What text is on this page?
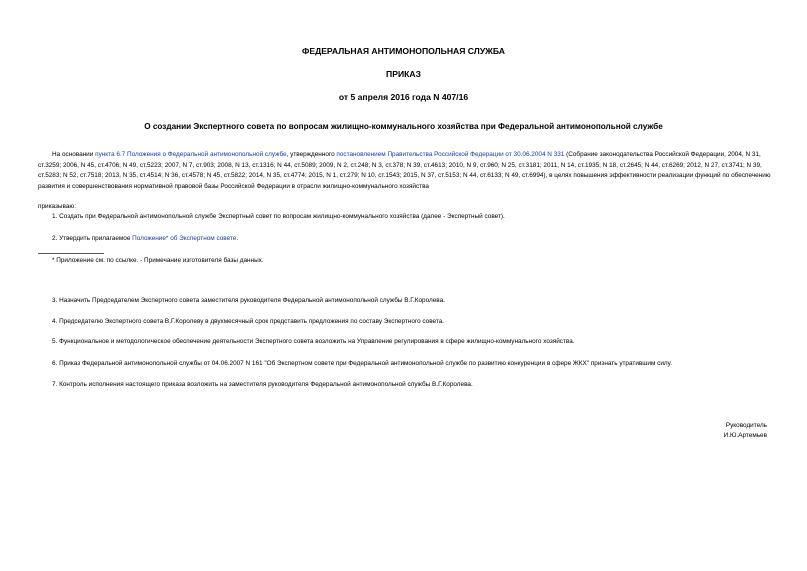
ФЕДЕРАЛЬНАЯ АНТИМОНОПОЛЬНАЯ СЛУЖБА
ПРИКАЗ
от 5 апреля 2016 года N 407/16
О создании Экспертного совета по вопросам жилищно-коммунального хозяйства при Федеральной антимонопольной службе
На основании пункта 6.7 Положения о Федеральной антимонопольной службе, утвержденного постановлением Правительства Российской Федерации от 30.06.2004 N 331 (Собрание законодательства Российской Федерации, 2004, N 31, ст.3259; 2006, N 45, ст.4706; N 49, ст.5223; 2007, N 7, ст.903; 2008, N 13, ст.1316; N 44, ст.5089; 2009, N 2, ст.248; N 3, ст.378; N 39, ст.4613; 2010, N 9, ст.960; N 25, ст.3181; 2011, N 14, ст.1935; N 18, ст.2645; N 44, ст.6269; 2012, N 27, ст.3741; N 39, ст.5283; N 52, ст.7518; 2013, N 35, ст.4514; N 36, ст.4578; N 45, ст.5822; 2014, N 35, ст.4774; 2015, N 1, ст.279; N 10, ст.1543; 2015, N 37, ст.5153; N 44, ст.6133; N 49, ст.6994), в целях повышения эффективности реализации функций по обеспечению развития и совершенствования нормативной правовой базы Российской Федерации в отрасли жилищно-коммунального хозяйства
приказываю:
1. Создать при Федеральной антимонопольной службе Экспертный совет по вопросам жилищно-коммунального хозяйства (далее - Экспертный совет).
2. Утвердить прилагаемое Положение* об Экспертном совете.
* Приложение см. по ссылке. - Примечание изготовителя базы данных.
3. Назначить Председателем Экспертного совета заместителя руководителя Федеральной антимонопольной службы В.Г.Королева.
4. Председателю Экспертного совета В.Г.Королеву в двухмесячный срок представить предложения по составу Экспертного совета.
5. Функциональное и методологическое обеспечение деятельности Экспертного совета возложить на Управление регулирования в сфере жилищно-коммунального хозяйства.
6. Приказ Федеральной антимонопольной службы от 04.06.2007 N 161 "Об Экспертном совете при Федеральной антимонопольной службе по развитию конкуренции в сфере ЖКХ" признать утратившим силу.
7. Контроль исполнения настоящего приказа возложить на заместителя руководителя Федеральной антимонопольной службы В.Г.Королева.
Руководитель
И.Ю.Артемьев
